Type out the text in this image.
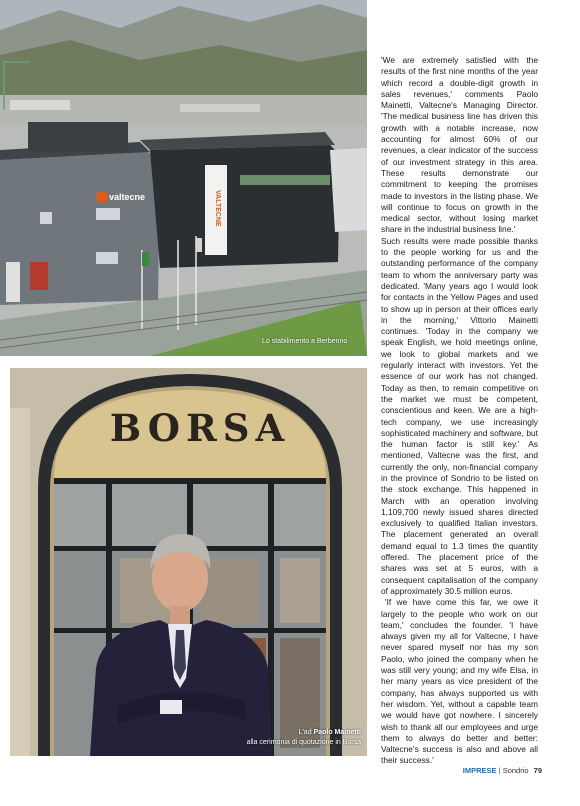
valtecne	VALTECNE
Lo stabilimento a Berbenno
BORSA
L'ad Paolo Mainetti
alla cerimonia di quotazione in Borsa

'We are extremely satisfied with the results of the first nine months of the year which record a double-digit growth in sales revenues,' comments Paolo Mainetti, Valtecne's Managing Director. 'The medical business line has driven this growth with a notable increase, now accounting for almost 60% of our revenues, a clear indicator of the success of our investment strategy in this area. These results demonstrate our commitment to keeping the promises made to investors in the listing phase. We will continue to focus on growth in the medical sector, without losing market share in the industrial business line.'

Such results were made possible thanks to the people working for us and the outstanding performance of the company team to whom the anniversary party was dedicated. 'Many years ago I would look for contacts in the Yellow Pages and used to show up in person at their offices early in the morning,' Vittorio Mainetti continues. 'Today in the company we speak English, we hold meetings online, we look to global markets and we regularly interact with investors. Yet the essence of our work has not changed. Today as then, to remain competitive on the market we must be competent, conscientious and keen. We are a high-tech company, we use increasingly sophisticated machinery and software, but the human factor is still key.' As mentioned, Valtecne was the first, and currently the only, non-financial company in the province of Sondrio to be listed on the stock exchange. This happened in March with an operation involving 1,109,700 newly issued shares directed exclusively to qualified Italian investors. The placement generated an overall demand equal to 1.3 times the quantity offered. The placement price of the shares was set at 5 euros, with a consequent capitalisation of the company of approximately 30.5 million euros.

'If we have come this far, we owe it largely to the people who work on our team,' concludes the founder. 'I have always given my all for Valtecne, I have never spared myself nor has my son Paolo, who joined the company when he was still very young; and my wife Elsa, in her many years as vice president of the company, has always supported us with her wisdom. Yet, without a capable team we would have got nowhere. I sincerely wish to thank all our employees and urge them to always do better and better: Valtecne's success is also and above all their success.'

IMPRESE | Sondrio 79
